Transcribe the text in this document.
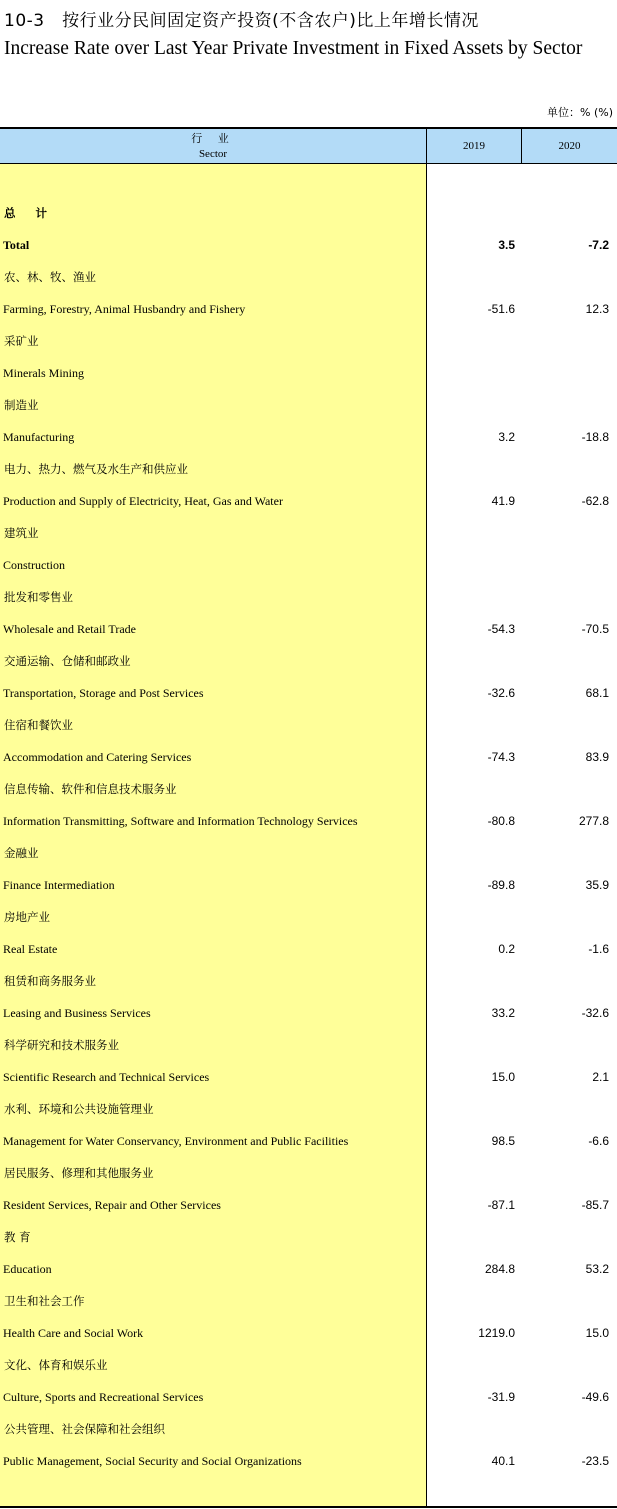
10-3　按行业分民间固定资产投资(不含农户)比上年增长情况
Increase Rate over Last Year Private Investment in Fixed Assets by Sector
单位：% (%)
行 业
Sector
2019	2020
总 计
Total	3.5	-7.2
农、林、牧、渔业
Farming, Forestry, Animal Husbandry and Fishery	-51.6	12.3
采矿业
Minerals Mining
制造业
Manufacturing	3.2	-18.8
电力、热力、燃气及水生产和供应业
Production and Supply of Electricity, Heat, Gas and Water	41.9	-62.8
建筑业
Construction
批发和零售业
Wholesale and Retail Trade	-54.3	-70.5
交通运输、仓储和邮政业
Transportation, Storage and Post Services	-32.6	68.1
住宿和餐饮业
Accommodation and Catering Services	-74.3	83.9
信息传输、软件和信息技术服务业
Information Transmitting, Software and Information Technology Services	-80.8	277.8
金融业
Finance Intermediation	-89.8	35.9
房地产业
Real Estate	0.2	-1.6
租赁和商务服务业
Leasing and Business Services	33.2	-32.6
科学研究和技术服务业
Scientific Research and Technical Services	15.0	2.1
水利、环境和公共设施管理业
Management for Water Conservancy, Environment and Public Facilities	98.5	-6.6
居民服务、修理和其他服务业
Resident Services, Repair and Other Services	-87.1	-85.7
教 育
Education	284.8	53.2
卫生和社会工作
Health Care and Social Work	1219.0	15.0
文化、体育和娱乐业
Culture, Sports and Recreational Services	-31.9	-49.6
公共管理、社会保障和社会组织
Public Management, Social Security and Social Organizations	40.1	-23.5
